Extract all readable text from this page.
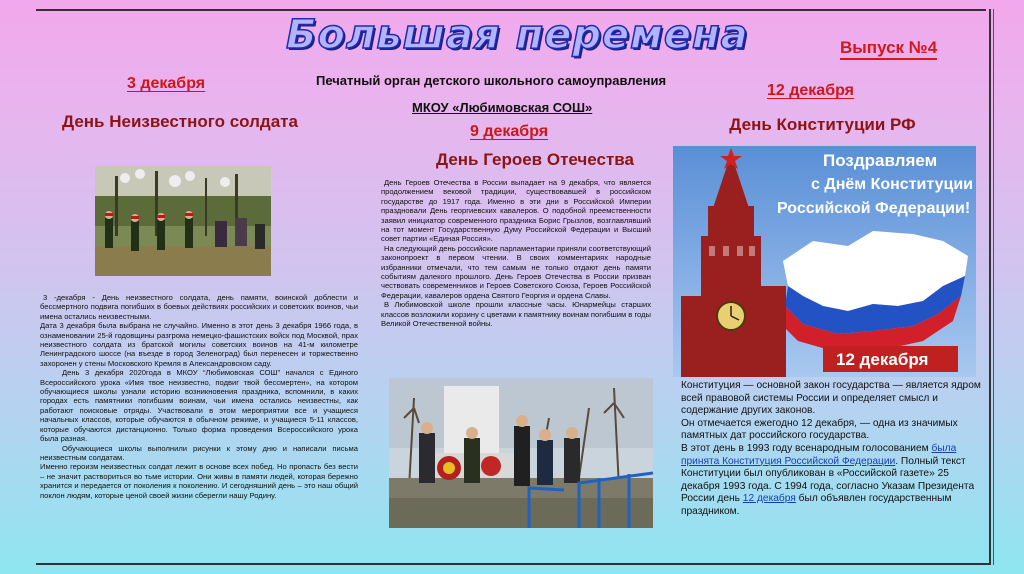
Большая перемена	Выпуск №4
Печатный орган детского школьного самоуправления
МКОУ «Любимовская СОШ»
3 декабря
День Неизвестного солдата

3 -декабря - День неизвестного солдата, день памяти, воинской доблести и бессмертного подвига погибших в боевых действиях российских и советских воинов, чьи имена остались неизвестными.

Дата 3 декабря была выбрана не случайно. Именно в этот день 3 декабря 1966 года, в ознаменовании 25-й годовщины разгрома немецко-фашистских войск под Москвой, прах неизвестного солдата из братской могилы советских воинов на 41-м километре Ленинградского шоссе (на въезде в город Зеленоград) был перенесен и торжественно захоронен у стены Московского Кремля в Александровском саду.

День 3 декабря 2020года в МКОУ “Любимовская СОШ” начался с Единого Всероссийского урока «Имя твое неизвестно, подвиг твой бессмертен», на котором обучающиеся школы узнали историю возникновения праздника, вспомнили, в каких городах есть памятники погибшим воинам, чьи имена остались неизвестны, как работают поисковые отряды. Участвовали в этом мероприятии все и учащиеся начальных классов, которые обучаются в обычном режиме, и учащиеся 5-11 классов, которые обучаются дистанционно. Только форма проведения Всероссийского урока была разная.

Обучающиеся школы выполнили рисунки к этому дню и написали письма неизвестным солдатам.

Именно героизм неизвестных солдат лежит в основе всех побед. Но пропасть без вести – не значит раствориться во тьме истории. Они живы в памяти людей, которая бережно хранится и передается от поколения к поколению. И сегодняшний день – это наш общий поклон людям, которые ценой своей жизни сберегли нашу Родину.

9 декабря
День Героев Отечества

День Героев Отечества в России выпадает на 9 декабря, что является продолжением вековой традиции, существовавшей в российском государстве до 1917 года. Именно в эти дни в Российской Империи праздновали День георгиевских кавалеров. О подобной преемственности заявил инициатор современного праздника Борис Грызлов, возглавлявший на тот момент Государственную Думу Российской Федерации и Высший совет партии «Единая Россия».

На следующий день российские парламентарии приняли соответствующий законопроект в первом чтении. В своих комментариях народные избранники отмечали, что тем самым не только отдают день памяти событиям далекого прошлого. День Героев Отечества в России призван чествовать современников и Героев Советского Союза, Героев Российской Федерации, кавалеров ордена Святого Георгия и ордена Славы.

В Любимовской школе прошли классные часы. Юнармейцы старших классов возложили корзину с цветами к памятнику воинам погибшим в годы Великой Отечественной войны.

12 декабря
День Конституции РФ
Поздравляем
с Днём Конституции
Российской Федерации!
12 декабря

Конституция — основной закон государства — является ядром всей правовой системы России и определяет смысл и содержание других законов.

Он отмечается ежегодно 12 декабря, — одна из значимых памятных дат российского государства.

В этот день в 1993 году всенародным голосованием была принята Конституция Российской Федерации. Полный текст Конституции был опубликован в «Российской газете» 25 декабря 1993 года. С 1994 года, согласно Указам Президента России день 12 декабря был объявлен государственным праздником.
